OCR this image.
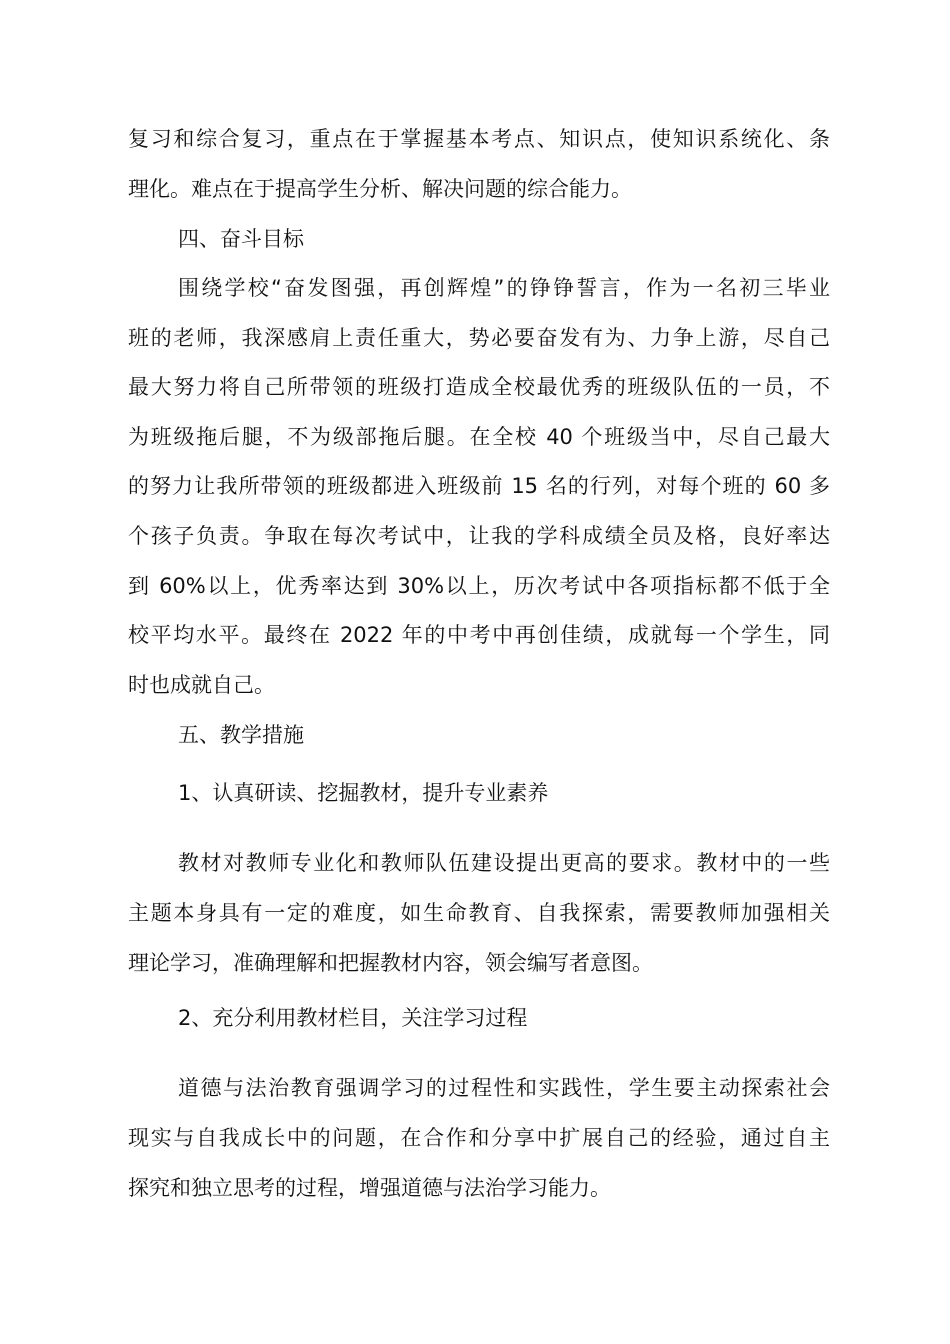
复习和综合复习，重点在于掌握基本考点、知识点，使知识系统化、条
理化。难点在于提高学生分析、解决问题的综合能力。
四、奋斗目标
围绕学校“奋发图强，再创辉煌”的铮铮誓言，作为一名初三毕业
班的老师，我深感肩上责任重大，势必要奋发有为、力争上游，尽自己
最大努力将自己所带领的班级打造成全校最优秀的班级队伍的一员，不
为班级拖后腿，不为级部拖后腿。在全校 40 个班级当中，尽自己最大
的努力让我所带领的班级都进入班级前 15 名的行列，对每个班的 60 多
个孩子负责。争取在每次考试中，让我的学科成绩全员及格，良好率达
到 60%以上，优秀率达到 30%以上，历次考试中各项指标都不低于全
校平均水平。最终在 2022 年的中考中再创佳绩，成就每一个学生，同
时也成就自己。
五、教学措施
1、认真研读、挖掘教材，提升专业素养
教材对教师专业化和教师队伍建设提出更高的要求。教材中的一些
主题本身具有一定的难度，如生命教育、自我探索，需要教师加强相关
理论学习，准确理解和把握教材内容，领会编写者意图。
2、充分利用教材栏目，关注学习过程
道德与法治教育强调学习的过程性和实践性，学生要主动探索社会
现实与自我成长中的问题，在合作和分享中扩展自己的经验，通过自主
探究和独立思考的过程，增强道德与法治学习能力。
